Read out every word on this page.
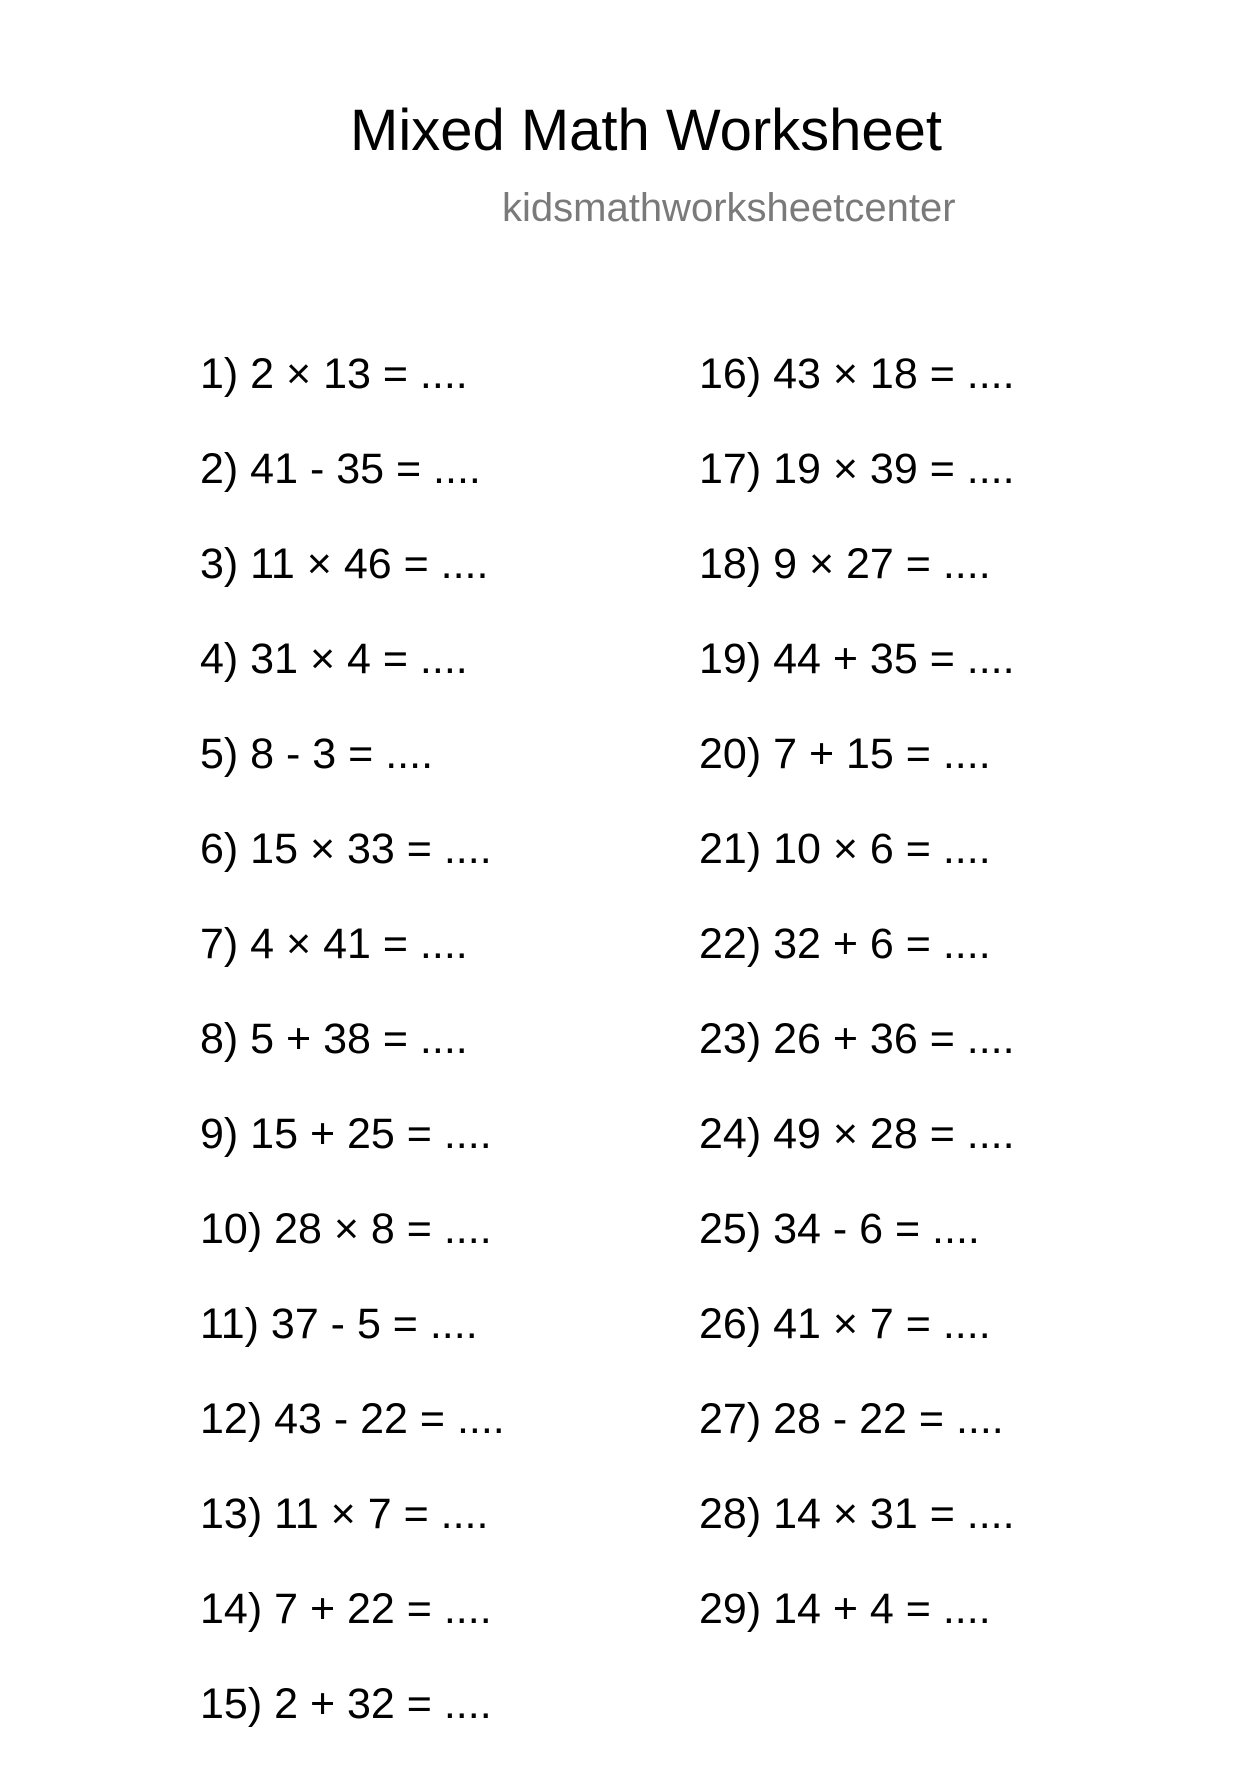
Mixed Math Worksheet
kidsmathworksheetcenter
1) 2 × 13 = ....
2) 41 - 35 = ....
3) 11 × 46 = ....
4) 31 × 4 = ....
5) 8 - 3 = ....
6) 15 × 33 = ....
7) 4 × 41 = ....
8) 5 + 38 = ....
9) 15 + 25 = ....
10) 28 × 8 = ....
11) 37 - 5 = ....
12) 43 - 22 = ....
13) 11 × 7 = ....
14) 7 + 22 = ....
15) 2 + 32 = ....
16) 43 × 18 = ....
17) 19 × 39 = ....
18) 9 × 27 = ....
19) 44 + 35 = ....
20) 7 + 15 = ....
21) 10 × 6 = ....
22) 32 + 6 = ....
23) 26 + 36 = ....
24) 49 × 28 = ....
25) 34 - 6 = ....
26) 41 × 7 = ....
27) 28 - 22 = ....
28) 14 × 31 = ....
29) 14 + 4 = ....
